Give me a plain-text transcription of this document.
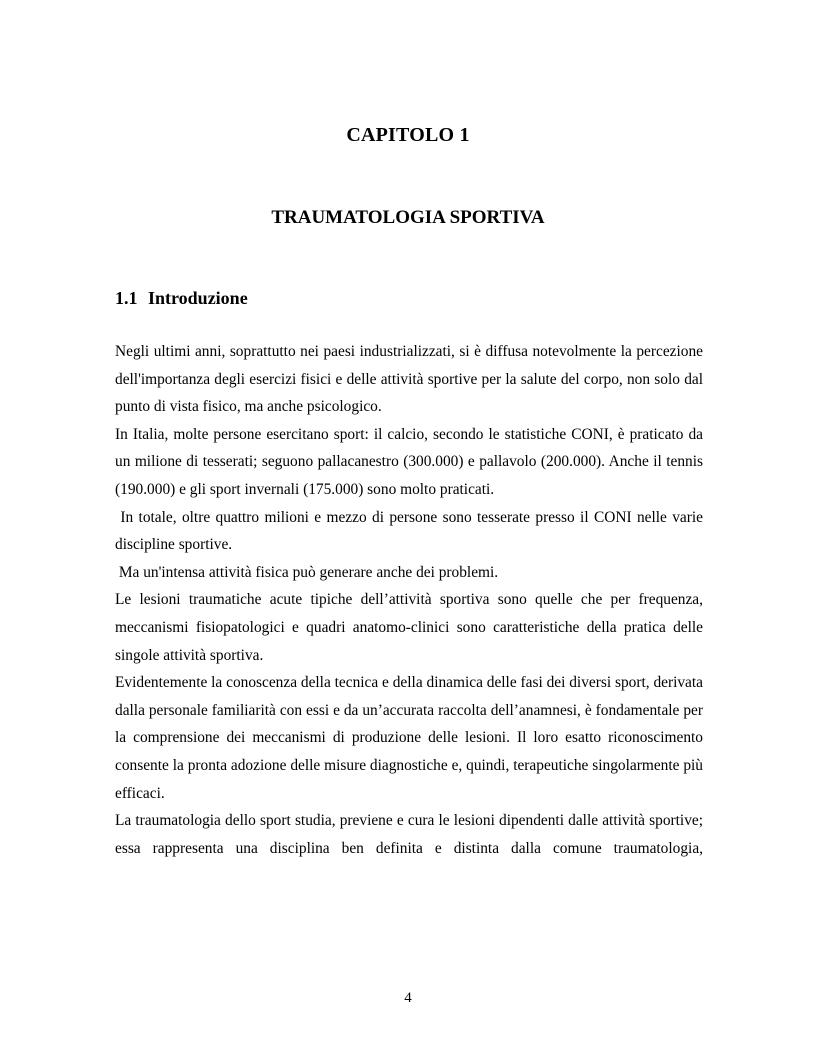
CAPITOLO 1
TRAUMATOLOGIA SPORTIVA
1.1 Introduzione

Negli ultimi anni, soprattutto nei paesi industrializzati, si è diffusa notevolmente la percezione dell'importanza degli esercizi fisici e delle attività sportive per la salute del corpo, non solo dal punto di vista fisico, ma anche psicologico.

In Italia, molte persone esercitano sport: il calcio, secondo le statistiche CONI, è praticato da un milione di tesserati; seguono pallacanestro (300.000) e pallavolo (200.000). Anche il tennis (190.000) e gli sport invernali (175.000) sono molto praticati.

In totale, oltre quattro milioni e mezzo di persone sono tesserate presso il CONI nelle varie discipline sportive.

Ma un'intensa attività fisica può generare anche dei problemi.

Le lesioni traumatiche acute tipiche dell’attività sportiva sono quelle che per frequenza, meccanismi fisiopatologici e quadri anatomo-clinici sono caratteristiche della pratica delle singole attività sportiva.

Evidentemente la conoscenza della tecnica e della dinamica delle fasi dei diversi sport, derivata dalla personale familiarità con essi e da un’accurata raccolta dell’anamnesi, è fondamentale per la comprensione dei meccanismi di produzione delle lesioni. Il loro esatto riconoscimento consente la pronta adozione delle misure diagnostiche e, quindi, terapeutiche singolarmente più efficaci.

La traumatologia dello sport studia, previene e cura le lesioni dipendenti dalle attività sportive; essa rappresenta una disciplina ben definita e distinta dalla comune traumatologia,

4
